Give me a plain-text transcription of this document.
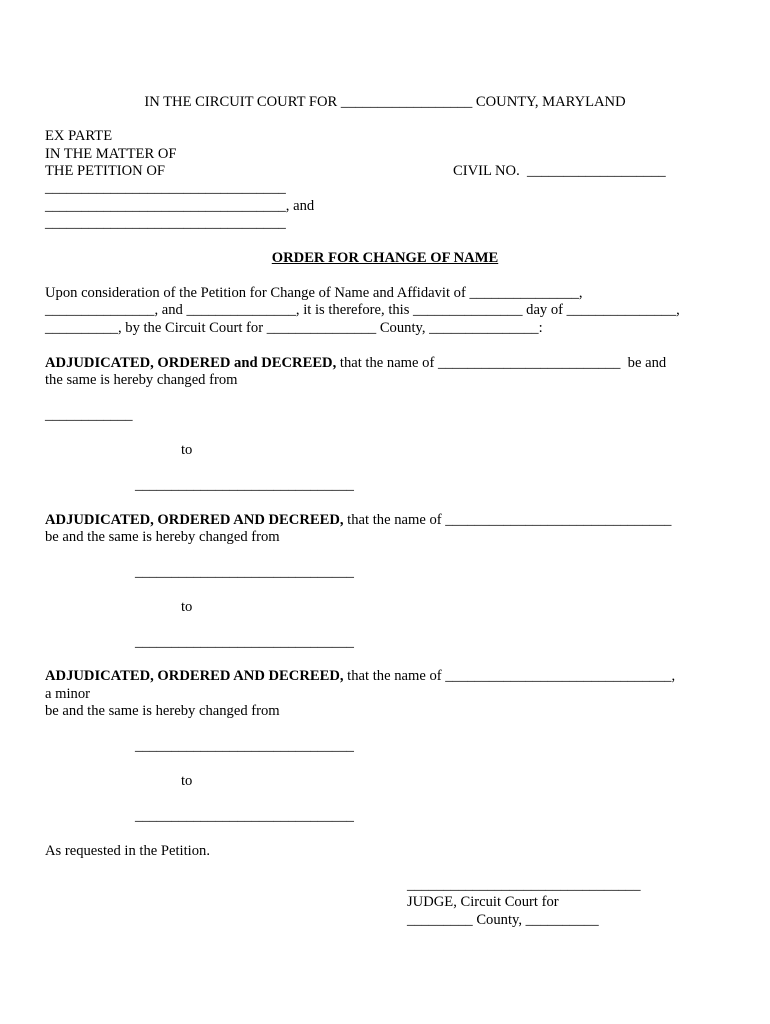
IN THE CIRCUIT COURT FOR __________________ COUNTY, MARYLAND
EX PARTE
IN THE MATTER OF
THE PETITION OF	CIVIL NO.  ___________________
_________________________________
_________________________________, and
_________________________________
ORDER FOR CHANGE OF NAME
Upon consideration of the Petition for Change of Name and Affidavit of _______________,
_______________, and _______________, it is therefore, this _______________ day of _______________,
__________, by the Circuit Court for _______________ County, _______________:
ADJUDICATED, ORDERED and DECREED, that the name of _________________________  be and
the same is hereby changed from
____________
to
______________________________
ADJUDICATED, ORDERED AND DECREED, that the name of _______________________________
be and the same is hereby changed from
______________________________
to
______________________________
ADJUDICATED, ORDERED AND DECREED, that the name of _______________________________,
a minor
be and the same is hereby changed from
______________________________
to
______________________________
As requested in the Petition.
________________________________
JUDGE, Circuit Court for
_________ County, __________
